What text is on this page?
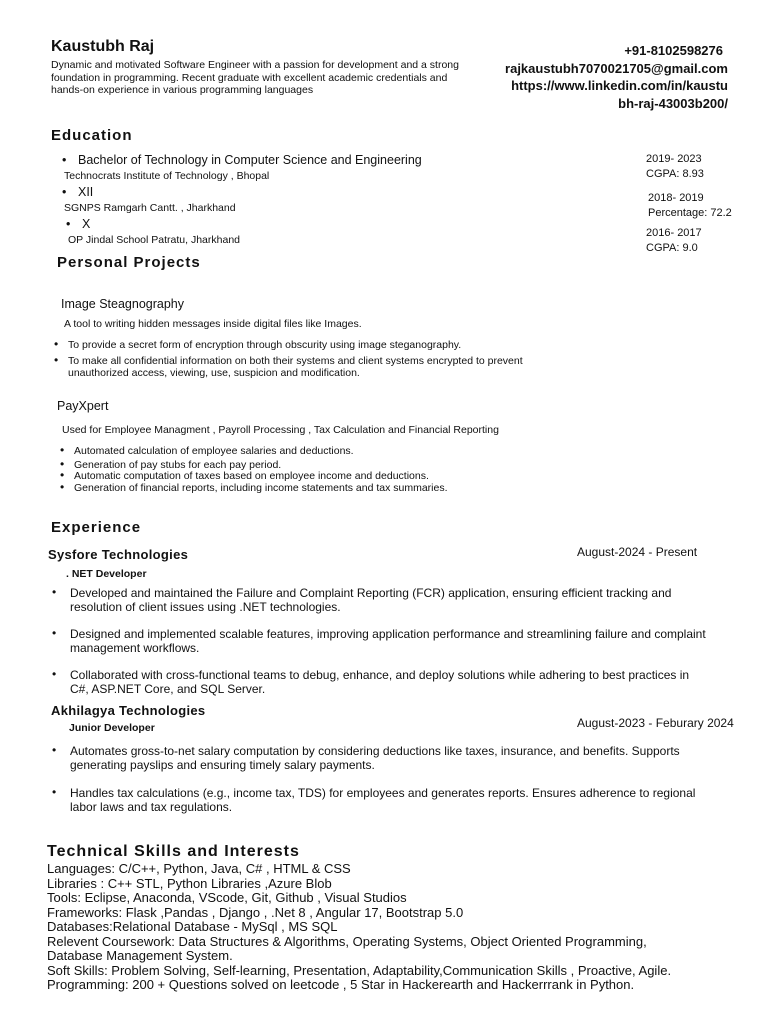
Kaustubh Raj
Dynamic and motivated Software Engineer with a passion for development and a strong foundation in programming. Recent graduate with excellent academic credentials and hands-on experience in various programming languages
+91-8102598276
rajkaustubh7070021705@gmail.com
https://www.linkedin.com/in/kaustu
bh-raj-43003b200/
Education
• Bachelor of Technology in Computer Science and Engineering
Technocrats Institute of Technology , Bhopal
2019- 2023
CGPA: 8.93
• XII
SGNPS Ramgarh Cantt. , Jharkhand
2018- 2019
Percentage: 72.2
• X
OP Jindal School Patratu, Jharkhand
2016- 2017
CGPA: 9.0
Personal Projects
Image Steagnography
A tool to writing hidden messages inside digital files like Images.
• To provide a secret form of encryption through obscurity using image steganography.
• To make all confidential information on both their systems and client systems encrypted to prevent unauthorized access, viewing, use, suspicion and modification.
PayXpert
Used for Employee Managment , Payroll Processing , Tax Calculation and Financial Reporting
• Automated calculation of employee salaries and deductions.
• Generation of pay stubs for each pay period.
• Automatic computation of taxes based on employee income and deductions.
• Generation of financial reports, including income statements and tax summaries.
Experience
Sysfore Technologies	August-2024 - Present
. NET Developer
• Developed and maintained the Failure and Complaint Reporting (FCR) application, ensuring efficient tracking and resolution of client issues using .NET technologies.
• Designed and implemented scalable features, improving application performance and streamlining failure and complaint management workflows.
• Collaborated with cross-functional teams to debug, enhance, and deploy solutions while adhering to best practices in C#, ASP.NET Core, and SQL Server.
Akhilagya Technologies
August-2023 - Feburary 2024
Junior Developer
• Automates gross-to-net salary computation by considering deductions like taxes, insurance, and benefits. Supports generating payslips and ensuring timely salary payments.
• Handles tax calculations (e.g., income tax, TDS) for employees and generates reports. Ensures adherence to regional labor laws and tax regulations.
Technical Skills and Interests
Languages: C/C++, Python, Java, C# , HTML & CSS
Libraries : C++ STL, Python Libraries ,Azure Blob
Tools: Eclipse, Anaconda, VScode, Git, Github , Visual Studios
Frameworks: Flask ,Pandas , Django , .Net 8 , Angular 17, Bootstrap 5.0
Databases:Relational Database - MySql , MS SQL
Relevent Coursework: Data Structures & Algorithms, Operating Systems, Object Oriented Programming,
Database Management System.
Soft Skills: Problem Solving, Self-learning, Presentation, Adaptability,Communication Skills , Proactive, Agile.
Programming: 200 + Questions solved on leetcode , 5 Star in Hackerearth and Hackerrrank in Python.
